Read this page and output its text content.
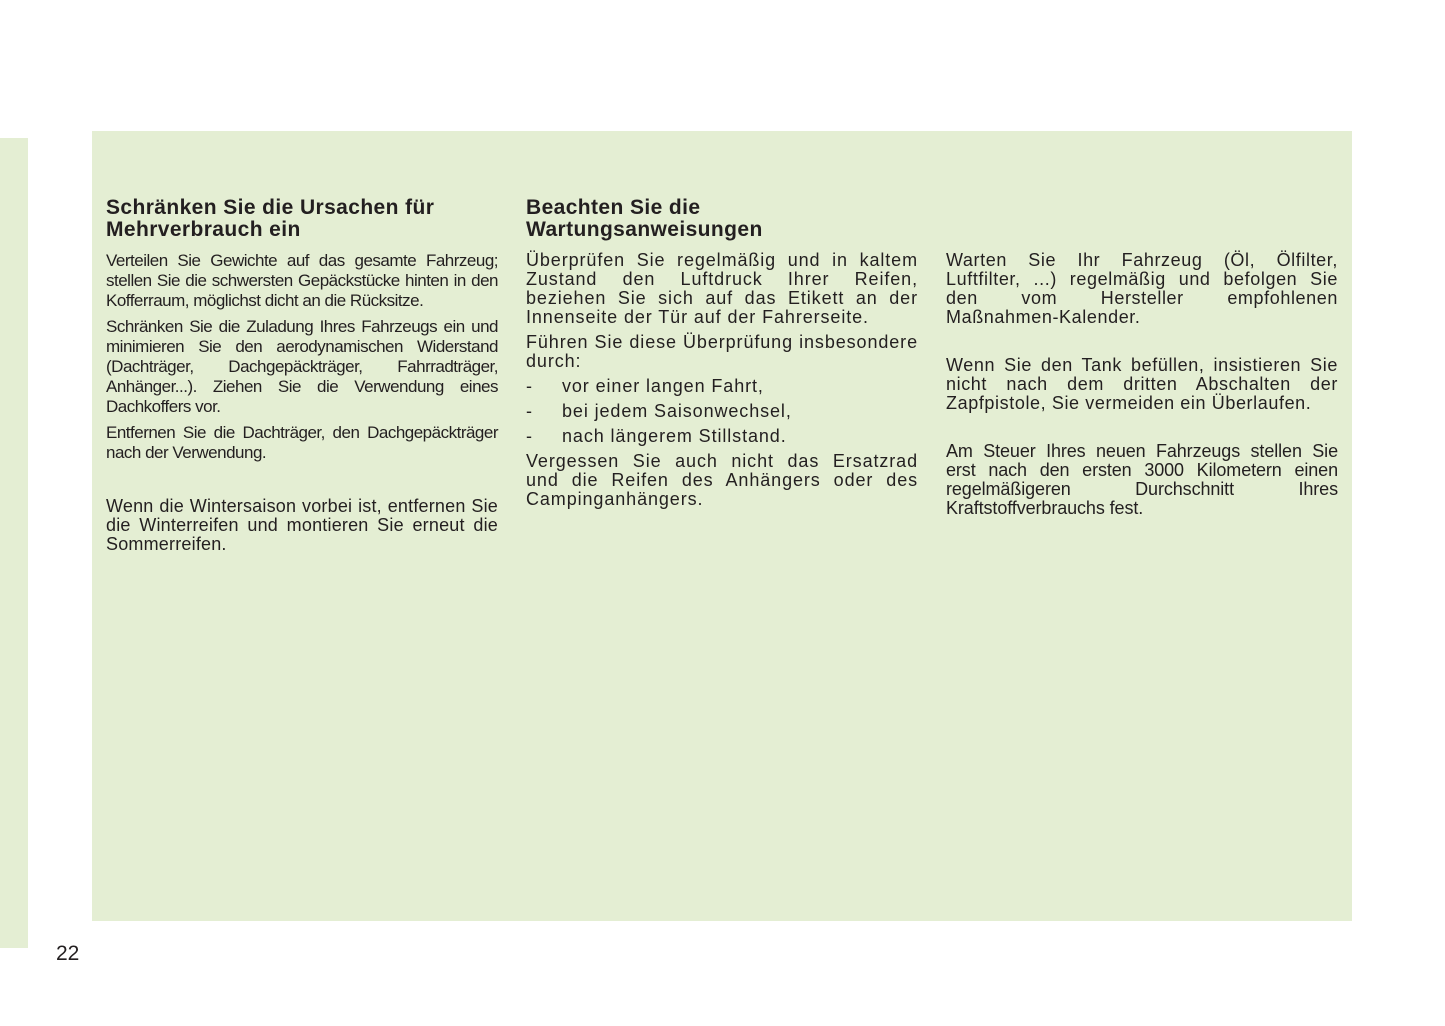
Schränken Sie die Ursachen für Mehrverbrauch ein

Verteilen Sie Gewichte auf das gesamte Fahrzeug; stellen Sie die schwersten Gepäckstücke hinten in den Kofferraum, möglichst dicht an die Rücksitze.

Schränken Sie die Zuladung Ihres Fahrzeugs ein und minimieren Sie den aerodynamischen Widerstand (Dachträger, Dachgepäckträger, Fahrradträger, Anhänger...). Ziehen Sie die Verwendung eines Dachkoffers vor.

Entfernen Sie die Dachträger, den Dachgepäckträger nach der Verwendung.

Beachten Sie die Wartungsanweisungen

Überprüfen Sie regelmäßig und in kaltem Zustand den Luftdruck Ihrer Reifen, beziehen Sie sich auf das Etikett an der Innenseite der Tür auf der Fahrerseite.

Führen Sie diese Überprüfung insbesondere durch:

-	vor einer langen Fahrt,
-	bei jedem Saisonwechsel,
-	nach längerem Stillstand.

Vergessen Sie auch nicht das Ersatzrad und die Reifen des Anhängers oder des Campinganhängers.

Warten Sie Ihr Fahrzeug (Öl, Ölfilter, Luftfilter, ...) regelmäßig und befolgen Sie den vom Hersteller empfohlenen Maßnahmen-Kalender.

Wenn Sie den Tank befüllen, insistieren Sie nicht nach dem dritten Abschalten der Zapfpistole, Sie vermeiden ein Überlaufen.

Am Steuer Ihres neuen Fahrzeugs stellen Sie erst nach den ersten 3000 Kilometern einen regelmäßigeren Durchschnitt Ihres Kraftstoffverbrauchs fest.

Wenn die Wintersaison vorbei ist, entfernen Sie die Winterreifen und montieren Sie erneut die Sommerreifen.

22
